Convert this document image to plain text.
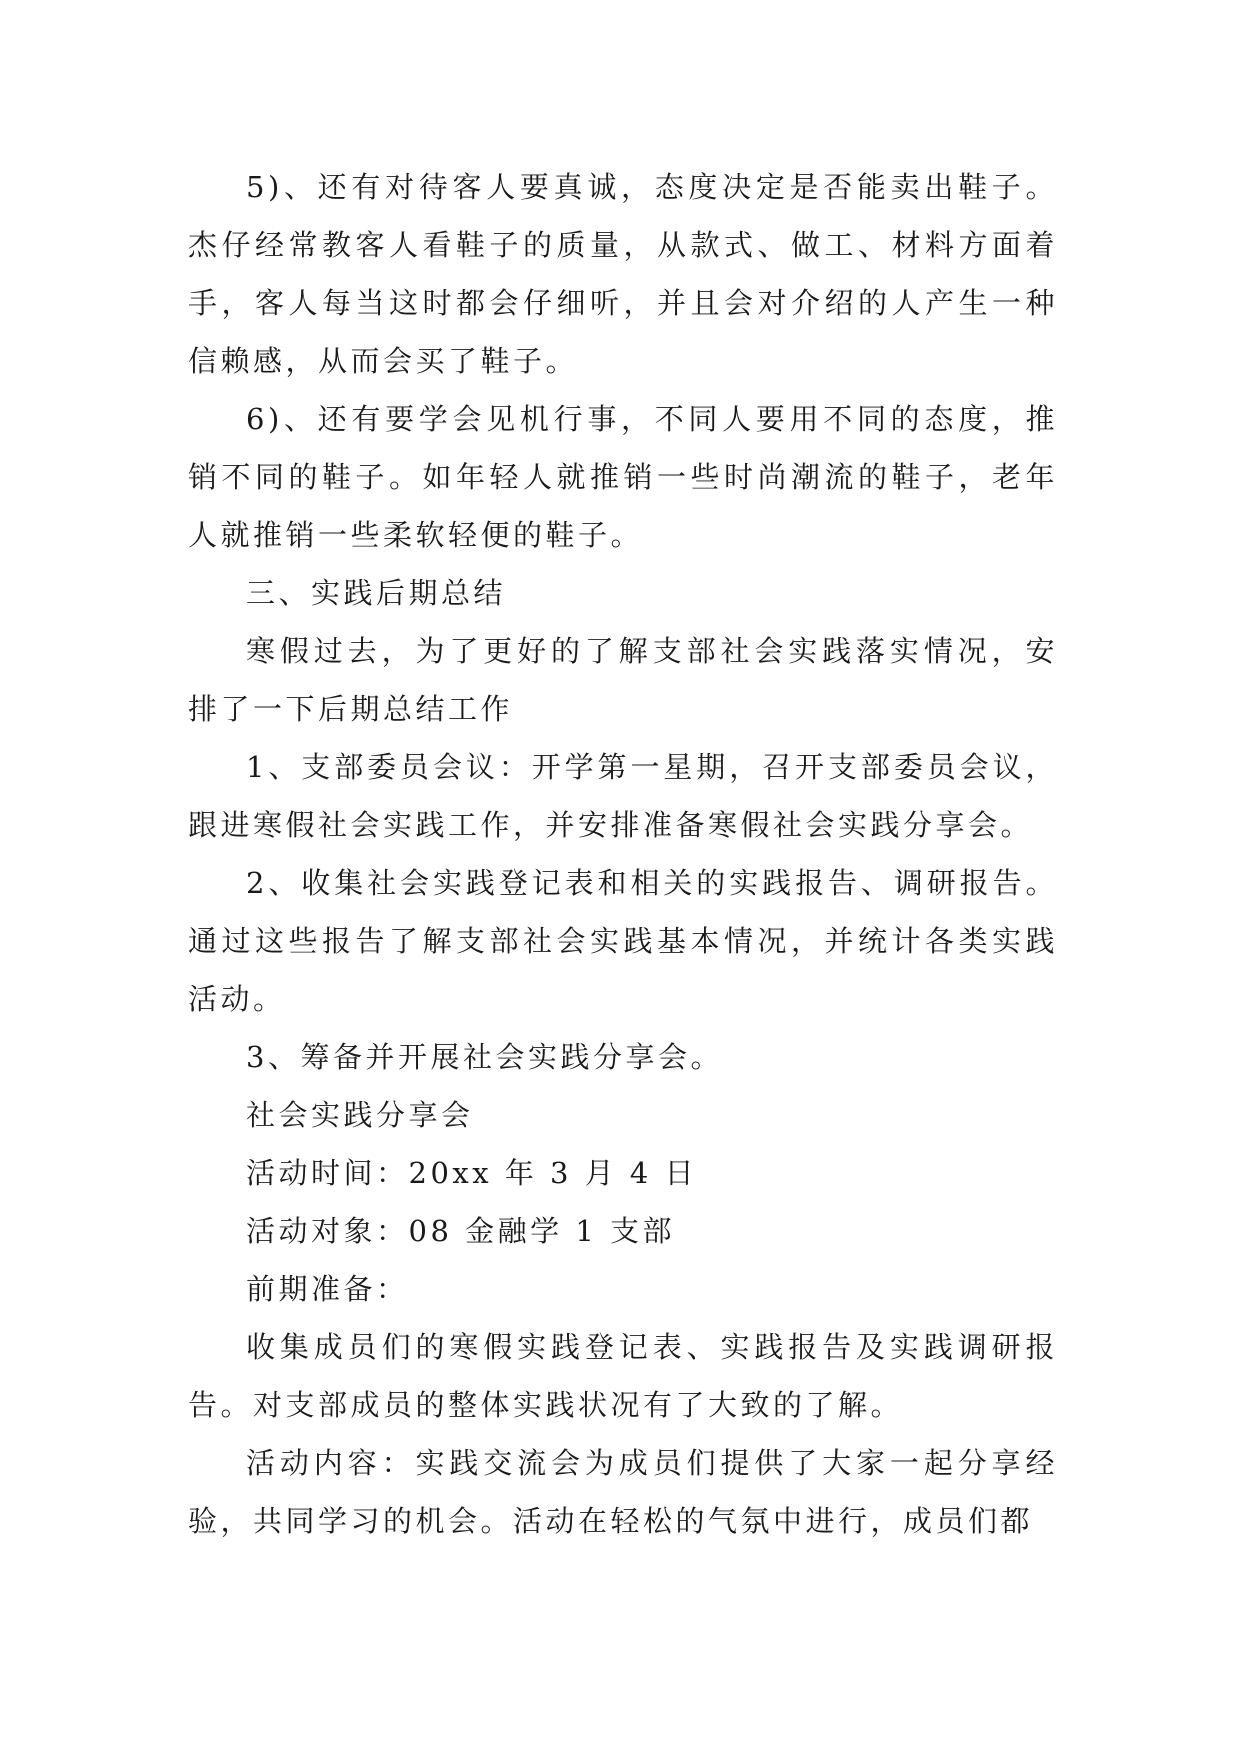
5)、还有对待客人要真诚，态度决定是否能卖出鞋子。杰仔经常教客人看鞋子的质量，从款式、做工、材料方面着手，客人每当这时都会仔细听，并且会对介绍的人产生一种信赖感，从而会买了鞋子。

6)、还有要学会见机行事，不同人要用不同的态度，推销不同的鞋子。如年轻人就推销一些时尚潮流的鞋子，老年人就推销一些柔软轻便的鞋子。

三、实践后期总结

寒假过去，为了更好的了解支部社会实践落实情况，安排了一下后期总结工作

1、支部委员会议：开学第一星期，召开支部委员会议，跟进寒假社会实践工作，并安排准备寒假社会实践分享会。

2、收集社会实践登记表和相关的实践报告、调研报告。通过这些报告了解支部社会实践基本情况，并统计各类实践活动。

3、筹备并开展社会实践分享会。

社会实践分享会

活动时间：20xx 年 3 月 4 日

活动对象：08 金融学 1 支部

前期准备：

收集成员们的寒假实践登记表、实践报告及实践调研报告。对支部成员的整体实践状况有了大致的了解。

活动内容：实践交流会为成员们提供了大家一起分享经验，共同学习的机会。活动在轻松的气氛中进行，成员们都
